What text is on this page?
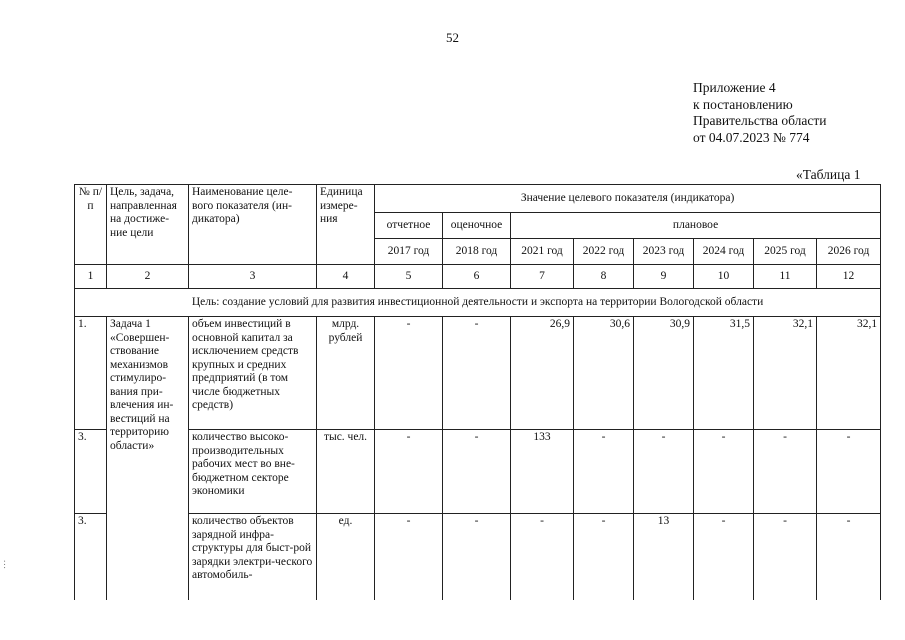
52
Приложение 4
к постановлению
Правительства области
от 04.07.2023 № 774
«Таблица 1
...
№ п/п	Цель, задача, направленная на достиже-ние цели	Наименование целе-вого показателя (ин-дикатора)	Единица измере-ния	Значение целевого показателя (индикатора)							
				отчетное	оценочное	плановое					
				2017 год	2018 год	2021 год	2022 год	2023 год	2024 год	2025 год	2026 год
1	2	3	4	5	6	7	8	9	10	11	12
Цель: создание условий для развития инвестиционной деятельности и экспорта на территории Вологодской области											
1.	Задача 1 «Совершен-ствование механизмов стимулиро-вания при-влечения ин-вестиций на территорию области»	объем инвестиций в основной капитал за исключением средств крупных и средних предприятий (в том числе бюджетных средств)	млрд. рублей	-	-	26,9	30,6	30,9	31,5	32,1	32,1
3.		количество высоко-производительных рабочих мест во вне-бюджетном секторе экономики	тыс. чел.	-	-	133	-	-	-	-	-
3.		количество объектов зарядной инфра-структуры для быст-рой зарядки электри-ческого автомобиль-	ед.	-	-	-	-	13	-	-	-
